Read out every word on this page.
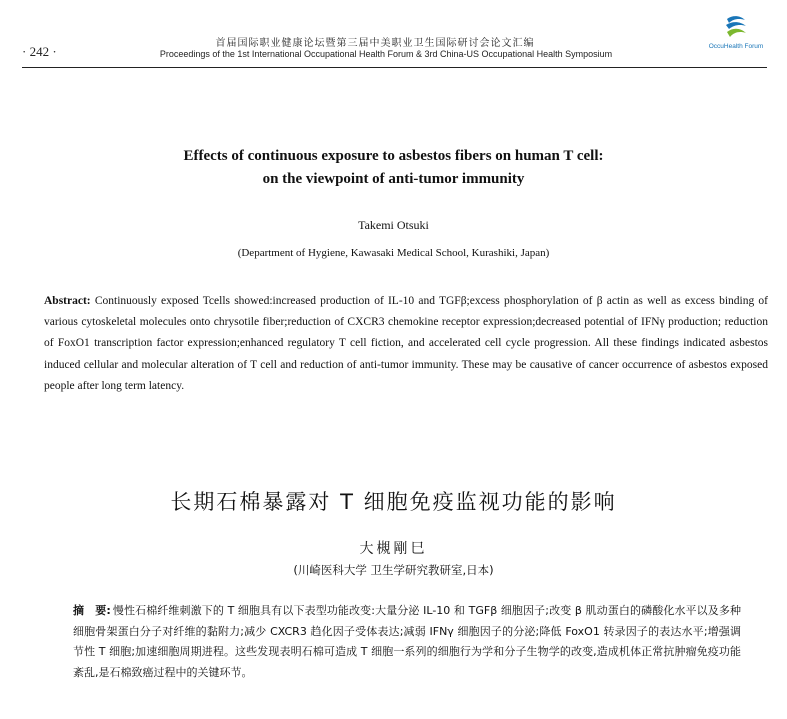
· 242 ·
首届国际职业健康论坛暨第三届中美职业卫生国际研讨会论文汇编
Proceedings of the 1st International Occupational Health Forum & 3rd China-US Occupational Health Symposium
OccuHealth Forum
Effects of continuous exposure to asbestos fibers on human T cell:
on the viewpoint of anti-tumor immunity
Takemi Otsuki
(Department of Hygiene, Kawasaki Medical School, Kurashiki, Japan)
Abstract: Continuously exposed Tcells showed:increased production of IL-10 and TGFβ;excess phosphorylation of β actin as well as excess binding of various cytoskeletal molecules onto chrysotile fiber;reduction of CXCR3 chemokine receptor expression;decreased potential of IFNγ production; reduction of FoxO1 transcription factor expression;enhanced regulatory T cell fiction, and accelerated cell cycle progression. All these findings indicated asbestos induced cellular and molecular alteration of T cell and reduction of anti-tumor immunity. These may be causative of cancer occurrence of asbestos exposed people after long term latency.
长期石棉暴露对 T 细胞免疫监视功能的影响
大槻剛巳
(川崎医科大学 卫生学研究教研室,日本)
摘　要: 慢性石棉纤维刺激下的 T 细胞具有以下表型功能改变:大量分泌 IL-10 和 TGFβ 细胞因子;改变 β 肌动蛋白的磷酸化水平以及多种细胞骨架蛋白分子对纤维的黏附力;减少 CXCR3 趋化因子受体表达;减弱 IFNγ 细胞因子的分泌;降低 FoxO1 转录因子的表达水平;增强调节性 T 细胞;加速细胞周期进程。这些发现表明石棉可造成 T 细胞一系列的细胞行为学和分子生物学的改变,造成机体正常抗肿瘤免疫功能紊乱,是石棉致癌过程中的关键环节。
